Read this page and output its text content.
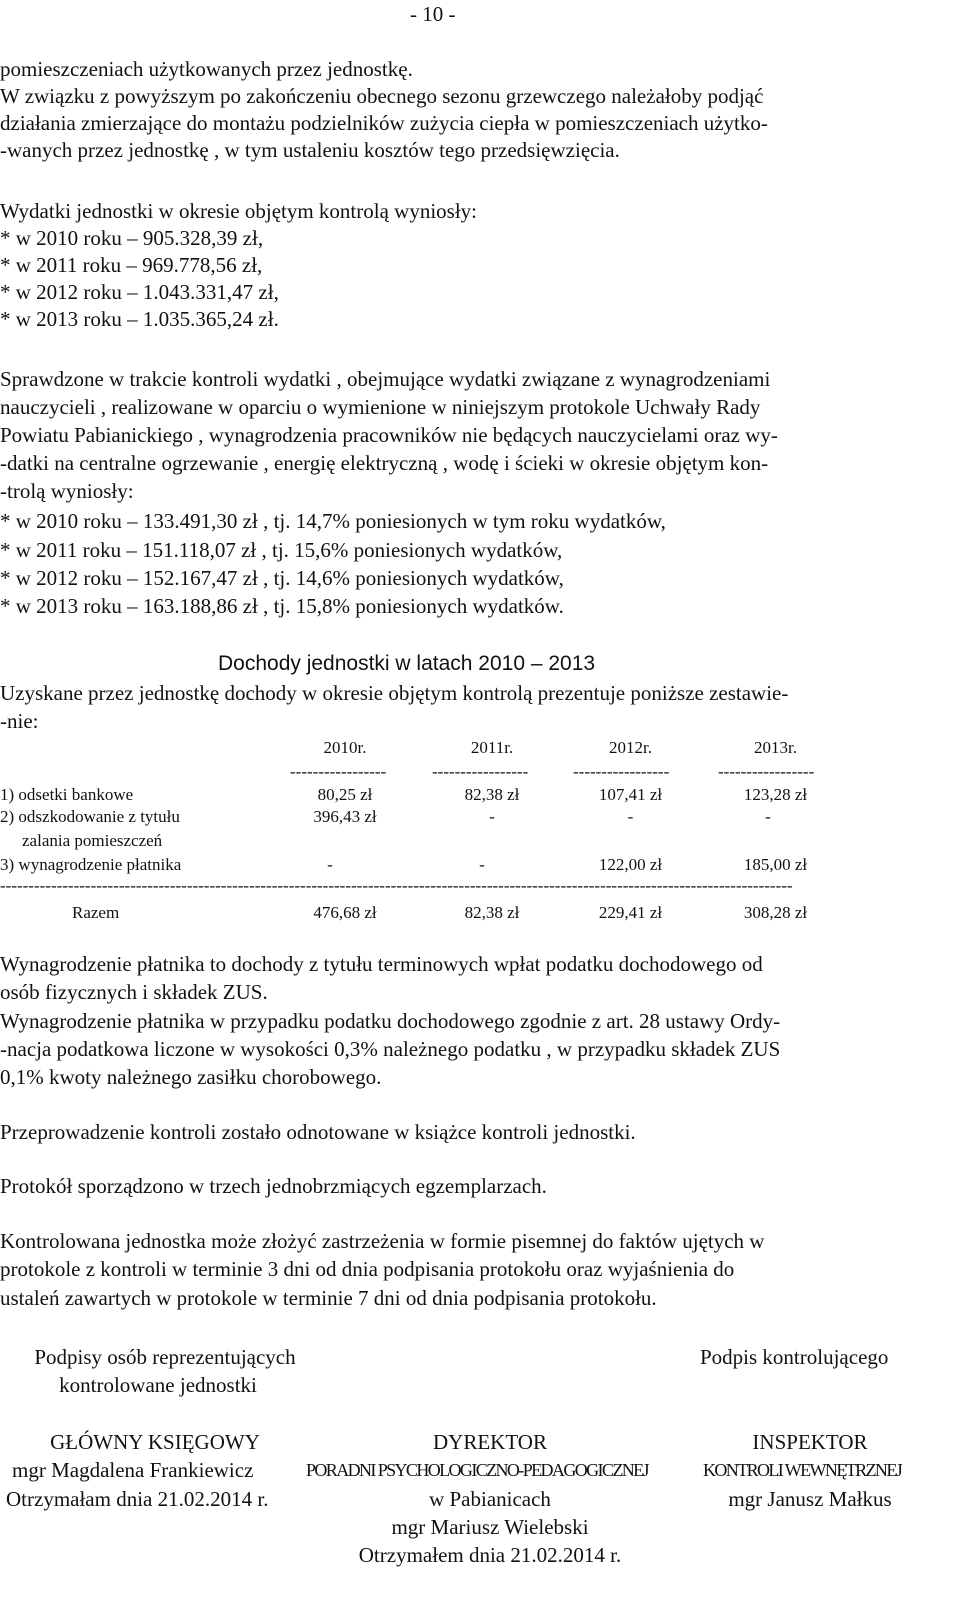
- 10 -
pomieszczeniach użytkowanych przez jednostkę.
W związku z powyższym po zakończeniu obecnego sezonu grzewczego należałoby podjąć
działania zmierzające do montażu podzielników zużycia ciepła w pomieszczeniach użytko-
-wanych przez jednostkę , w tym ustaleniu kosztów tego przedsięwzięcia.
Wydatki jednostki w okresie objętym kontrolą wyniosły:
* w 2010 roku – 905.328,39 zł,
* w 2011 roku – 969.778,56 zł,
* w 2012 roku – 1.043.331,47 zł,
* w 2013 roku – 1.035.365,24 zł.
Sprawdzone w trakcie kontroli wydatki , obejmujące wydatki związane z wynagrodzeniami
nauczycieli , realizowane w oparciu o wymienione w niniejszym protokole Uchwały Rady
Powiatu Pabianickiego , wynagrodzenia pracowników nie będących nauczycielami oraz wy-
-datki na centralne ogrzewanie , energię elektryczną , wodę i ścieki w okresie objętym kon-
-trolą wyniosły:
* w 2010 roku – 133.491,30 zł , tj. 14,7% poniesionych w tym roku wydatków,
* w 2011 roku – 151.118,07 zł , tj. 15,6% poniesionych wydatków,
* w 2012 roku – 152.167,47 zł , tj. 14,6% poniesionych wydatków,
* w 2013 roku – 163.188,86 zł , tj. 15,8% poniesionych wydatków.
Dochody jednostki w latach 2010 – 2013
Uzyskane przez jednostkę dochody w okresie objętym kontrolą prezentuje poniższe zestawie-
-nie:
2010r.	2011r.	2012r.	2013r.
-----------------	-----------------	-----------------	-----------------
1) odsetki bankowe	80,25 zł	82,38 zł	107,41 zł	123,28 zł
2) odszkodowanie z tytułu
zalania pomieszczeń
396,43 zł	-	-	-
3) wynagrodzenie płatnika	-	-	122,00 zł	185,00 zł
--------------------------------------------------------------------------------------------------------------------------------------------
Razem	476,68 zł	82,38 zł	229,41 zł	308,28 zł
Wynagrodzenie płatnika to dochody z tytułu terminowych wpłat podatku dochodowego od
osób fizycznych i składek ZUS.
Wynagrodzenie płatnika w przypadku podatku dochodowego zgodnie z art. 28 ustawy Ordy-
-nacja podatkowa liczone w wysokości 0,3% należnego podatku , w przypadku składek ZUS
0,1% kwoty należnego zasiłku chorobowego.
Przeprowadzenie kontroli zostało odnotowane w książce kontroli jednostki.
Protokół sporządzono w trzech jednobrzmiących egzemplarzach.
Kontrolowana jednostka może złożyć zastrzeżenia w formie pisemnej do faktów ujętych w
protokole z kontroli w terminie 3 dni od dnia podpisania protokołu oraz wyjaśnienia do
ustaleń zawartych w protokole w terminie 7 dni od dnia podpisania protokołu.
Podpisy osób reprezentujących
kontrolowane jednostki
Podpis kontrolującego
GŁÓWNY KSIĘGOWY
mgr Magdalena Frankiewicz
Otrzymałam dnia 21.02.2014 r.
DYREKTOR
PORADNI PSYCHOLOGICZNO-PEDAGOGICZNEJ
w Pabianicach
mgr Mariusz Wielebski
Otrzymałem dnia 21.02.2014 r.
INSPEKTOR
KONTROLI WEWNĘTRZNEJ
mgr Janusz Małkus
